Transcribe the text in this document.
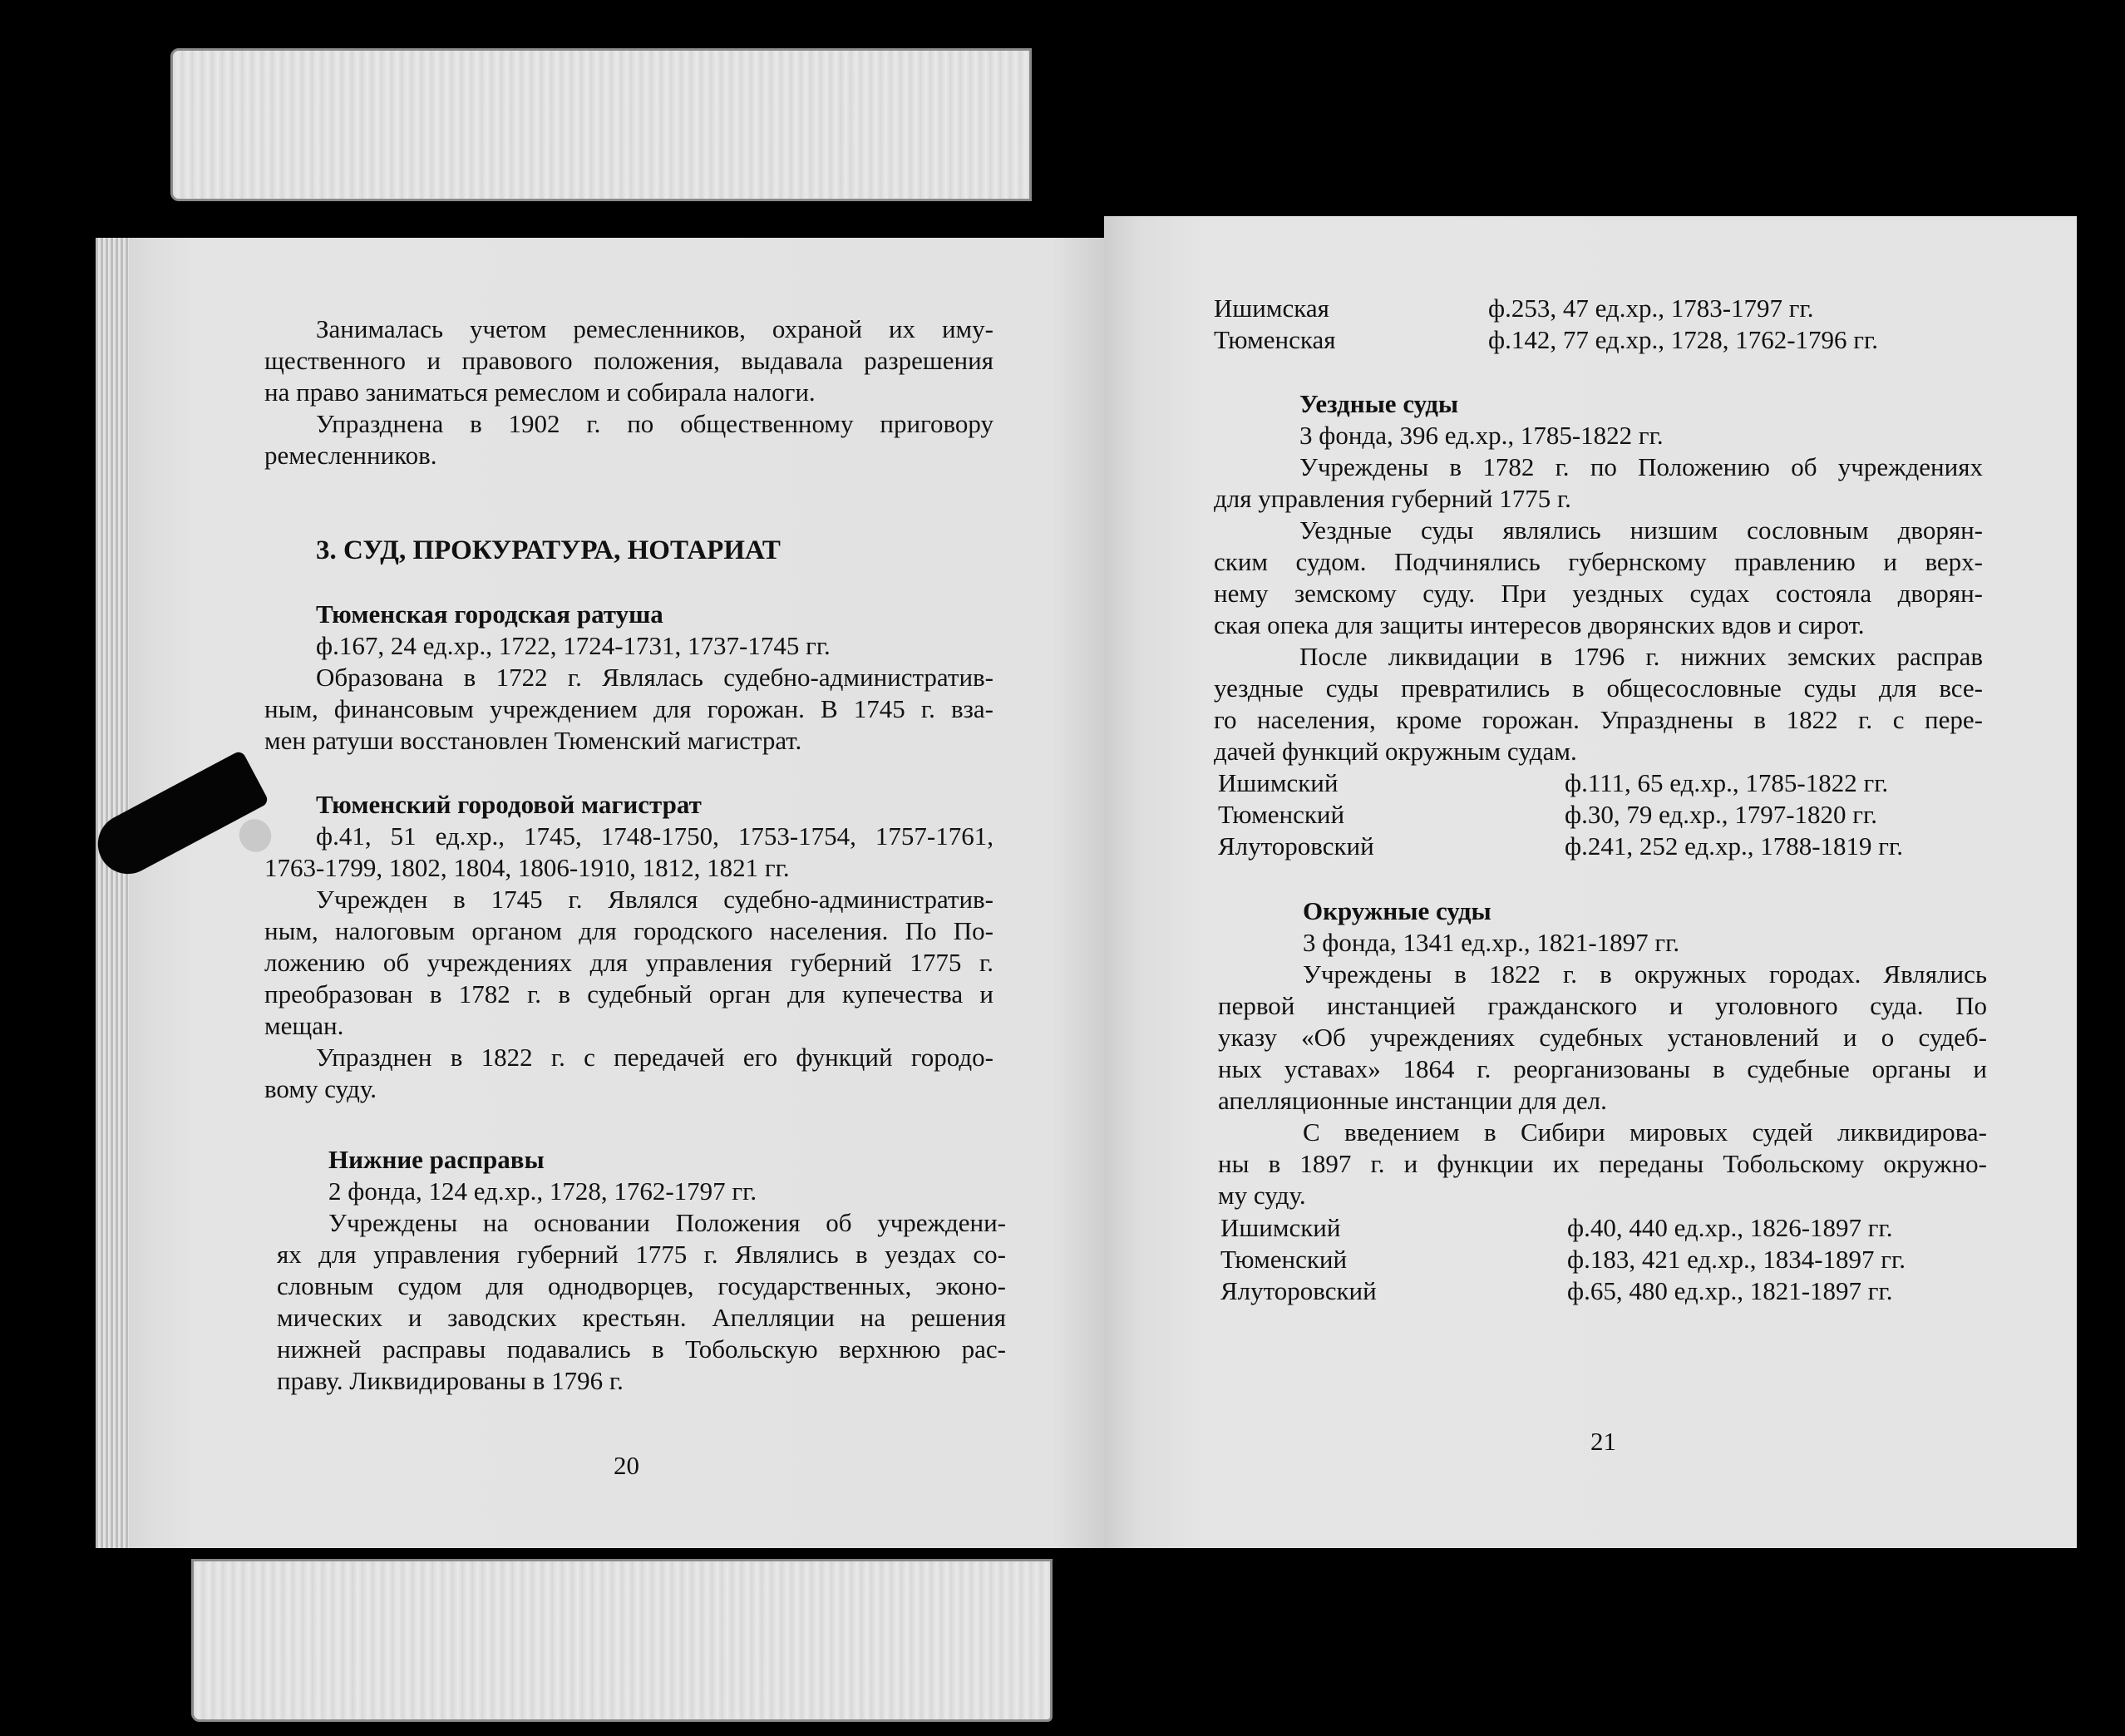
Занималась учетом ремесленников, охраной их иму-
щественного и правового положения, выдавала разрешения
на право заниматься ремеслом и собирала налоги.
Упразднена в 1902 г. по общественному приговору
ремесленников.
3. СУД, ПРОКУРАТУРА, НОТАРИАТ
Тюменская городская ратуша
ф.167, 24 ед.хр., 1722, 1724-1731, 1737-1745 гг.
Образована в 1722 г. Являлась судебно-административ-
ным, финансовым учреждением для горожан. В 1745 г. вза-
мен ратуши восстановлен Тюменский магистрат.
Тюменский городовой магистрат
ф.41, 51 ед.хр., 1745, 1748-1750, 1753-1754, 1757-1761,
1763-1799, 1802, 1804, 1806-1910, 1812, 1821 гг.
Учрежден в 1745 г. Являлся судебно-административ-
ным, налоговым органом для городского населения. По По-
ложению об учреждениях для управления губерний 1775 г.
преобразован в 1782 г. в судебный орган для купечества и
мещан.
Упразднен в 1822 г. с передачей его функций городо-
вому суду.
Нижние расправы
2 фонда, 124 ед.хр., 1728, 1762-1797 гг.
Учреждены на основании Положения об учреждени-
ях для управления губерний 1775 г. Являлись в уездах со-
словным судом для однодворцев, государственных, эконо-
мических и заводских крестьян. Апелляции на решения
нижней расправы подавались в Тобольскую верхнюю рас-
праву. Ликвидированы в 1796 г.
20
Ишимская	ф.253, 47 ед.хр., 1783-1797 гг.
Тюменская	ф.142, 77 ед.хр., 1728, 1762-1796 гг.
Уездные суды
3 фонда, 396 ед.хр., 1785-1822 гг.
Учреждены в 1782 г. по Положению об учреждениях
для управления губерний 1775 г.
Уездные суды являлись низшим сословным дворян-
ским судом. Подчинялись губернскому правлению и верх-
нему земскому суду. При уездных судах состояла дворян-
ская опека для защиты интересов дворянских вдов и сирот.
После ликвидации в 1796 г. нижних земских расправ
уездные суды превратились в общесословные суды для все-
го населения, кроме горожан. Упразднены в 1822 г. с пере-
дачей функций окружным судам.
Ишимский	ф.111, 65 ед.хр., 1785-1822 гг.
Тюменский	ф.30, 79 ед.хр., 1797-1820 гг.
Ялуторовский	ф.241, 252 ед.хр., 1788-1819 гг.
Окружные суды
3 фонда, 1341 ед.хр., 1821-1897 гг.
Учреждены в 1822 г. в окружных городах. Являлись
первой инстанцией гражданского и уголовного суда. По
указу «Об учреждениях судебных установлений и о судеб-
ных уставах» 1864 г. реорганизованы в судебные органы и
апелляционные инстанции для дел.
С введением в Сибири мировых судей ликвидирова-
ны в 1897 г. и функции их переданы Тобольскому окружно-
му суду.
Ишимский	ф.40, 440 ед.хр., 1826-1897 гг.
Тюменский	ф.183, 421 ед.хр., 1834-1897 гг.
Ялуторовский	ф.65, 480 ед.хр., 1821-1897 гг.
21
